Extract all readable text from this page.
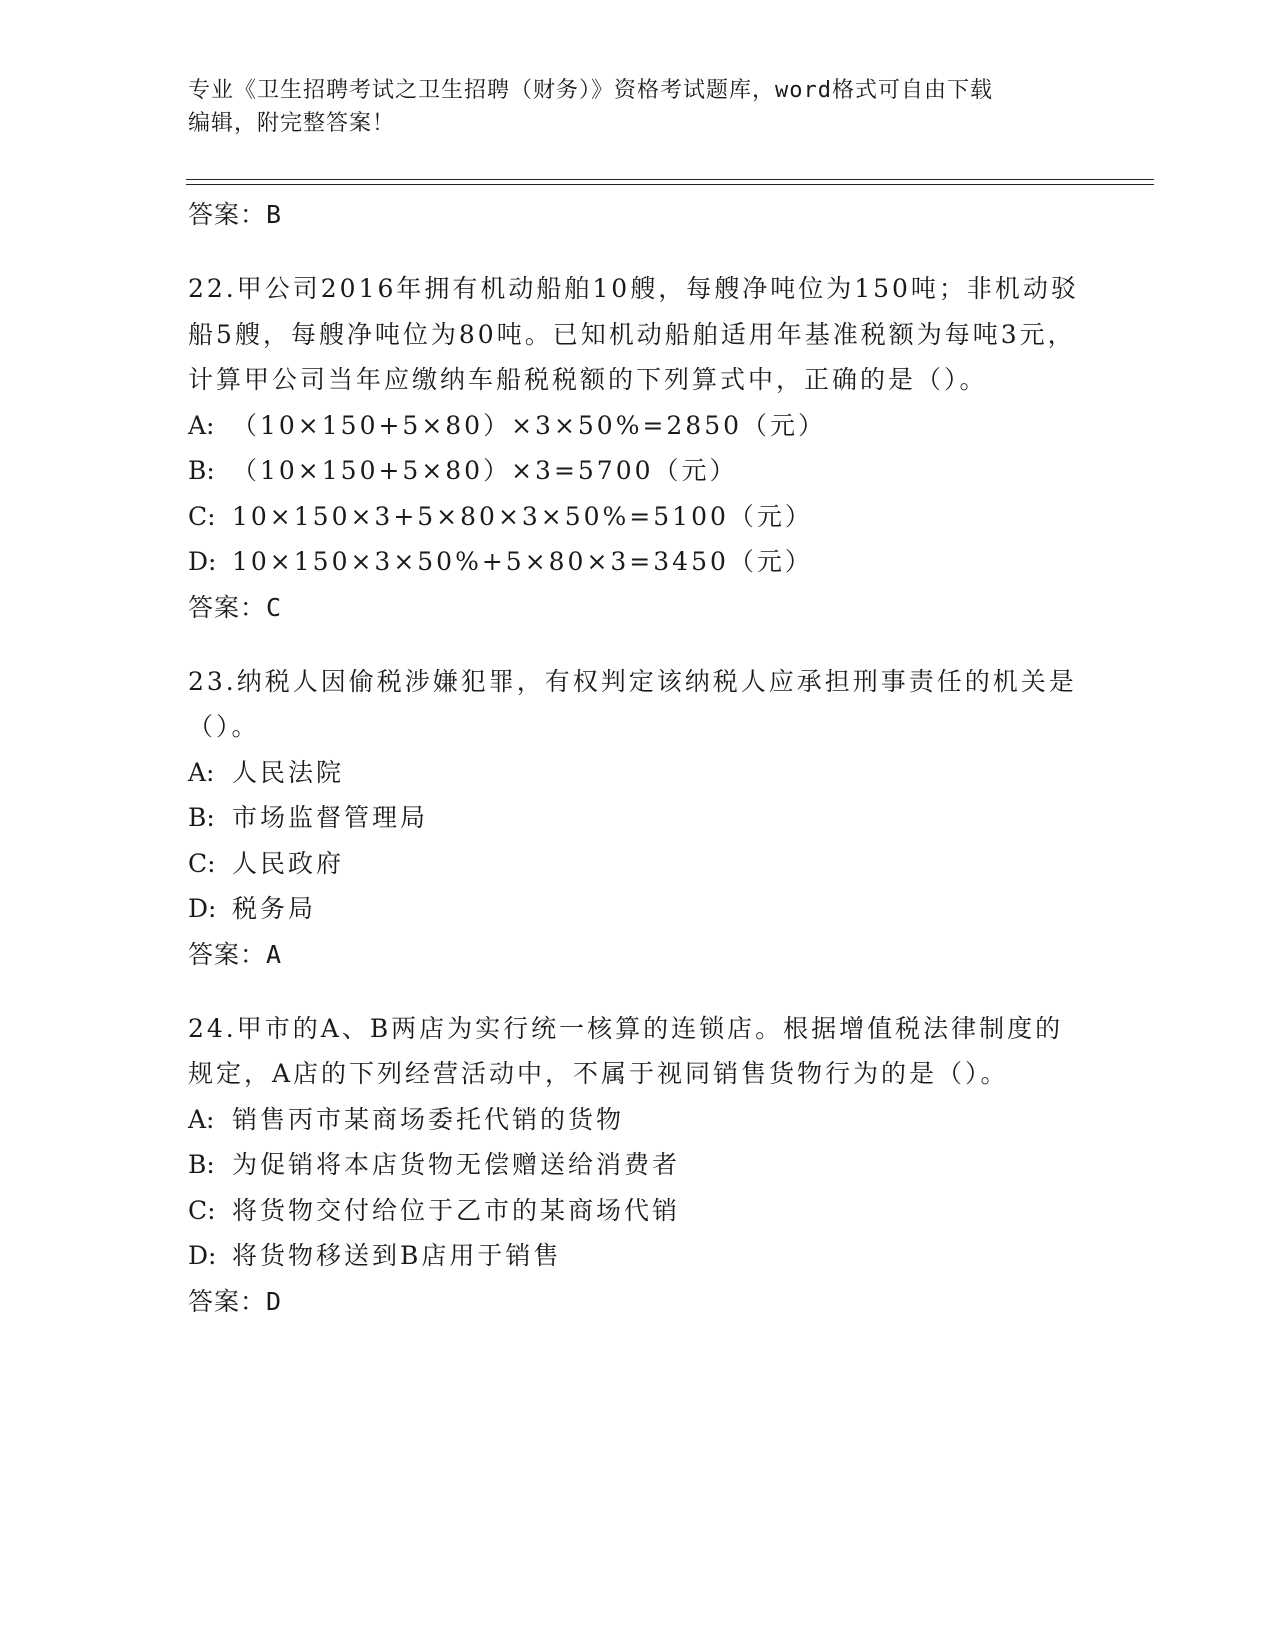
专业《卫生招聘考试之卫生招聘（财务）》资格考试题库，word格式可自由下载
编辑，附完整答案！
答案：B

22.甲公司2016年拥有机动船舶10艘，每艘净吨位为150吨；非机动驳船5艘，每艘净吨位为80吨。已知机动船舶适用年基准税额为每吨3元，计算甲公司当年应缴纳车船税税额的下列算式中，正确的是（）。

A: （10×150+5×80）×3×50%=2850（元）
B: （10×150+5×80）×3=5700（元）
C: 10×150×3+5×80×3×50%=5100（元）
D: 10×150×3×50%+5×80×3=3450（元）
答案：C

23.纳税人因偷税涉嫌犯罪，有权判定该纳税人应承担刑事责任的机关是（）。

A: 人民法院
B: 市场监督管理局
C: 人民政府
D: 税务局
答案：A

24.甲市的A、B两店为实行统一核算的连锁店。根据增值税法律制度的规定，A店的下列经营活动中，不属于视同销售货物行为的是（）。

A: 销售丙市某商场委托代销的货物
B: 为促销将本店货物无偿赠送给消费者
C: 将货物交付给位于乙市的某商场代销
D: 将货物移送到B店用于销售
答案：D
